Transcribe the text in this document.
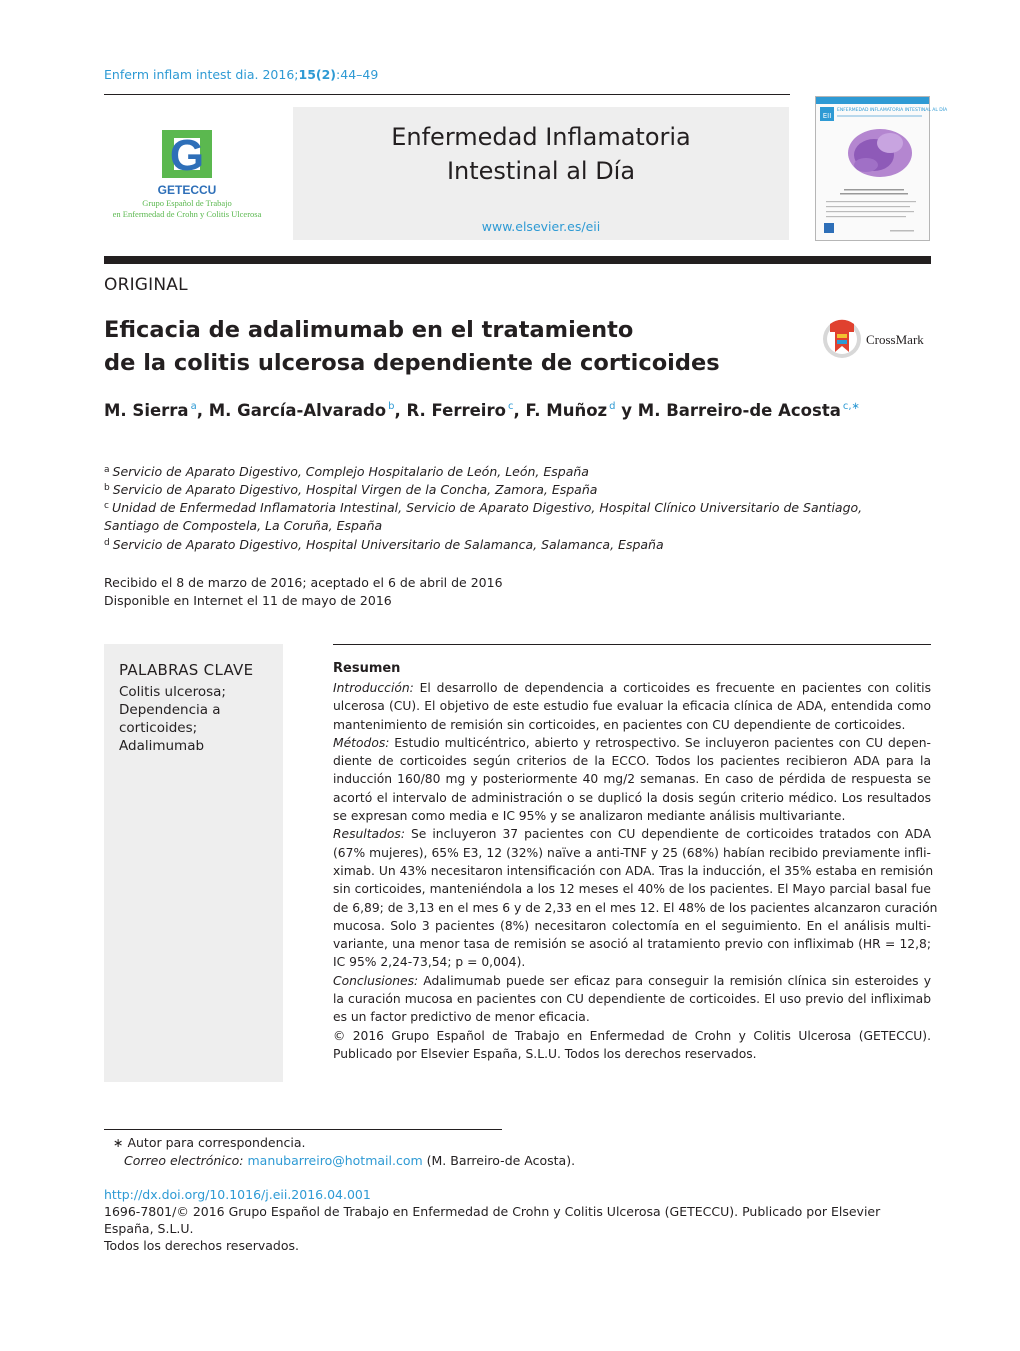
Enferm inflam intest dia. 2016;15(2):44–49
G
GETECCU
Grupo Español de Trabajo
en Enfermedad de Crohn y Colitis Ulcerosa
Enfermedad Inflamatoria
Intestinal al Día
www.elsevier.es/eii
EII
ENFERMEDAD INFLAMATORIA INTESTINAL AL DÍA
ORIGINAL
Eficacia de adalimumab en el tratamiento
de la colitis ulcerosa dependiente de corticoides
CrossMark
M. Sierra $^a$, M. García-Alvarado $^b$, R. Ferreiro $^c$, F. Muñoz $^d$ y M. Barreiro-de Acosta $^{c,∗}$
$^a$ Servicio de Aparato Digestivo, Complejo Hospitalario de León, León, España
$^b$ Servicio de Aparato Digestivo, Hospital Virgen de la Concha, Zamora, España
$^c$ Unidad de Enfermedad Inflamatoria Intestinal, Servicio de Aparato Digestivo, Hospital Clínico Universitario de Santiago,
Santiago de Compostela, La Coruña, España
$^d$ Servicio de Aparato Digestivo, Hospital Universitario de Salamanca, Salamanca, España
Recibido el 8 de marzo de 2016; aceptado el 6 de abril de 2016
Disponible en Internet el 11 de mayo de 2016
PALABRAS CLAVE
Colitis ulcerosa;
Dependencia a
corticoides;
Adalimumab
Resumen
Introducción: El desarrollo de dependencia a corticoides es frecuente en pacientes con colitis
ulcerosa (CU). El objetivo de este estudio fue evaluar la eficacia clínica de ADA, entendida como
mantenimiento de remisión sin corticoides, en pacientes con CU dependiente de corticoides.
Métodos: Estudio multicéntrico, abierto y retrospectivo. Se incluyeron pacientes con CU depen-
diente de corticoides según criterios de la ECCO. Todos los pacientes recibieron ADA para la
inducción 160/80 mg y posteriormente 40 mg/2 semanas. En caso de pérdida de respuesta se
acortó el intervalo de administración o se duplicó la dosis según criterio médico. Los resultados
se expresan como media e IC 95% y se analizaron mediante análisis multivariante.
Resultados: Se incluyeron 37 pacientes con CU dependiente de corticoides tratados con ADA
(67% mujeres), 65% E3, 12 (32%) naïve a anti-TNF y 25 (68%) habían recibido previamente infli-
ximab. Un 43% necesitaron intensificación con ADA. Tras la inducción, el 35% estaba en remisión
sin corticoides, manteniéndola a los 12 meses el 40% de los pacientes. El Mayo parcial basal fue
de 6,89; de 3,13 en el mes 6 y de 2,33 en el mes 12. El 48% de los pacientes alcanzaron curación
mucosa. Solo 3 pacientes (8%) necesitaron colectomía en el seguimiento. En el análisis multi-
variante, una menor tasa de remisión se asoció al tratamiento previo con infliximab (HR = 12,8;
IC 95% 2,24-73,54; p = 0,004).
Conclusiones: Adalimumab puede ser eficaz para conseguir la remisión clínica sin esteroides y
la curación mucosa en pacientes con CU dependiente de corticoides. El uso previo del infliximab
es un factor predictivo de menor eficacia.
© 2016 Grupo Español de Trabajo en Enfermedad de Crohn y Colitis Ulcerosa (GETECCU).
Publicado por Elsevier España, S.L.U. Todos los derechos reservados.
∗ Autor para correspondencia.
Correo electrónico: manubarreiro@hotmail.com (M. Barreiro-de Acosta).
http://dx.doi.org/10.1016/j.eii.2016.04.001
1696-7801/© 2016 Grupo Español de Trabajo en Enfermedad de Crohn y Colitis Ulcerosa (GETECCU). Publicado por Elsevier España, S.L.U.
Todos los derechos reservados.
